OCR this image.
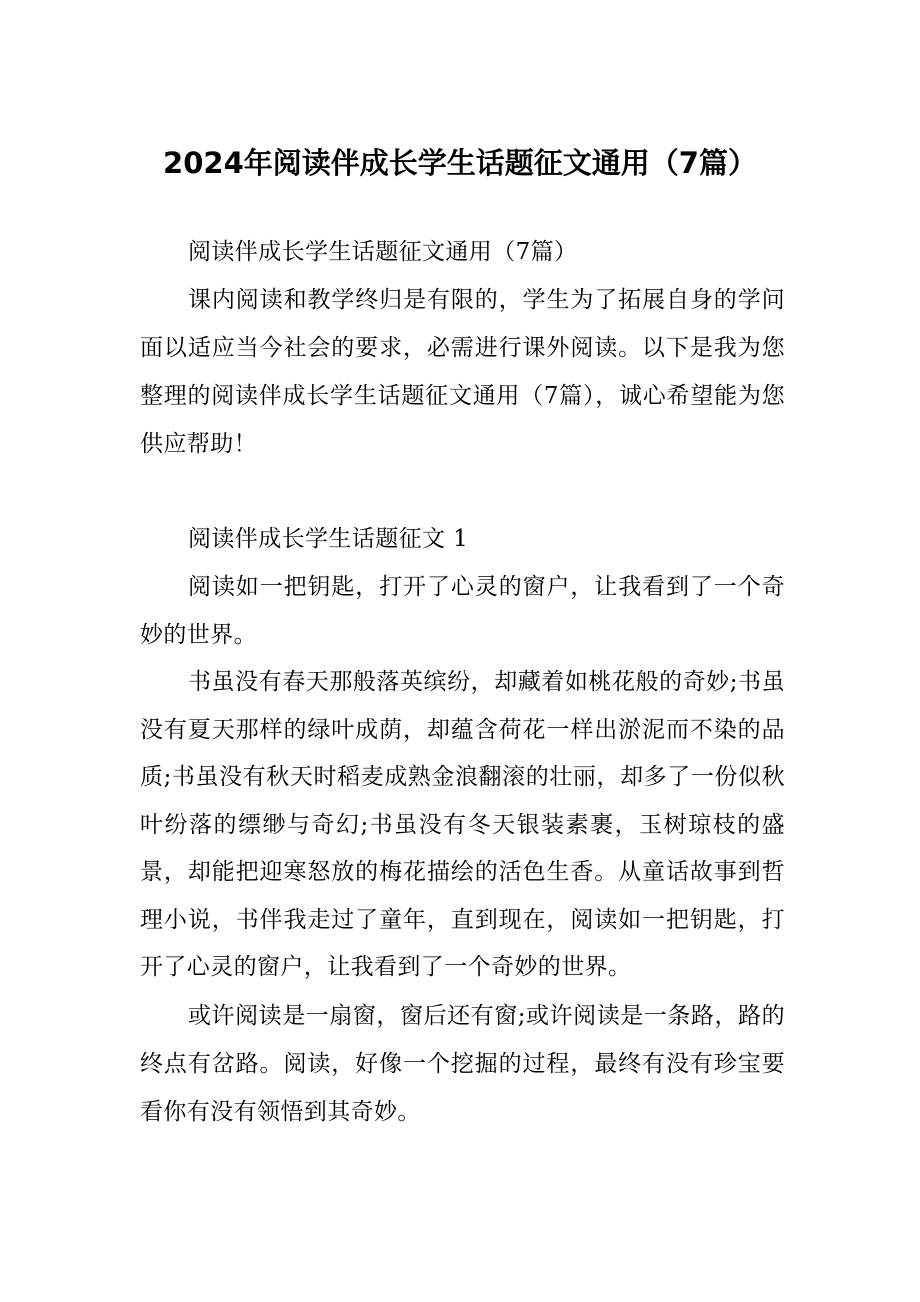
2024年阅读伴成长学生话题征文通用（7篇）

阅读伴成长学生话题征文通用（7篇）

课内阅读和教学终归是有限的，学生为了拓展自身的学问面以适应当今社会的要求，必需进行课外阅读。以下是我为您整理的阅读伴成长学生话题征文通用（7篇），诚心希望能为您供应帮助！

阅读伴成长学生话题征文 1

阅读如一把钥匙，打开了心灵的窗户，让我看到了一个奇妙的世界。

书虽没有春天那般落英缤纷，却藏着如桃花般的奇妙;书虽没有夏天那样的绿叶成荫，却蕴含荷花一样出淤泥而不染的品质;书虽没有秋天时稻麦成熟金浪翻滚的壮丽，却多了一份似秋叶纷落的缥缈与奇幻;书虽没有冬天银装素裹，玉树琼枝的盛景，却能把迎寒怒放的梅花描绘的活色生香。从童话故事到哲理小说，书伴我走过了童年，直到现在，阅读如一把钥匙，打开了心灵的窗户，让我看到了一个奇妙的世界。

或许阅读是一扇窗，窗后还有窗;或许阅读是一条路，路的终点有岔路。阅读，好像一个挖掘的过程，最终有没有珍宝要看你有没有领悟到其奇妙。
